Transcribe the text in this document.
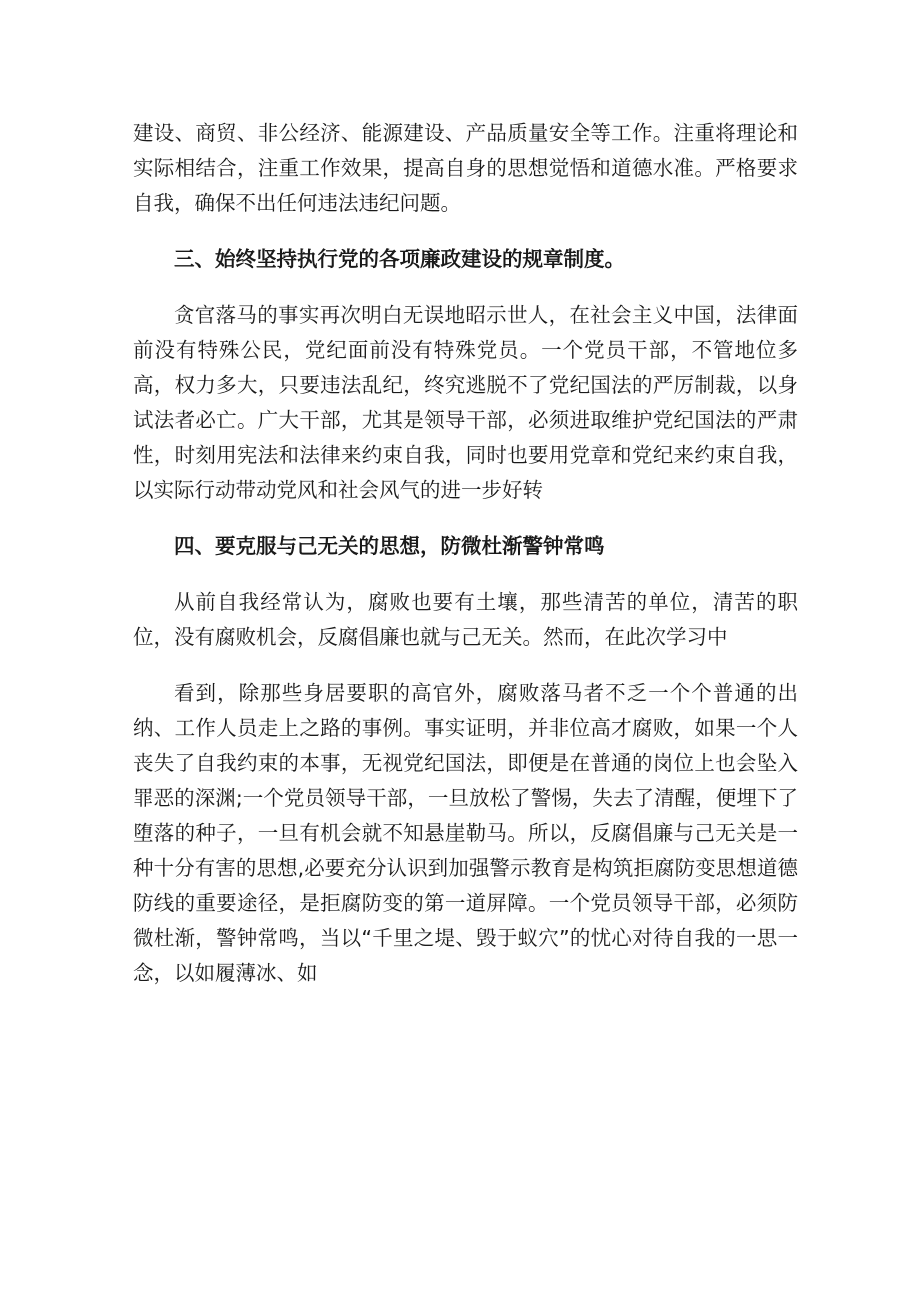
建设、商贸、非公经济、能源建设、产品质量安全等工作。注重将理论和实际相结合，注重工作效果，提高自身的思想觉悟和道德水准。严格要求自我，确保不出任何违法违纪问题。

三、始终坚持执行党的各项廉政建设的规章制度。

贪官落马的事实再次明白无误地昭示世人，在社会主义中国，法律面前没有特殊公民，党纪面前没有特殊党员。一个党员干部，不管地位多高，权力多大，只要违法乱纪，终究逃脱不了党纪国法的严厉制裁，以身试法者必亡。广大干部，尤其是领导干部，必须进取维护党纪国法的严肃性，时刻用宪法和法律来约束自我，同时也要用党章和党纪来约束自我，以实际行动带动党风和社会风气的进一步好转

四、要克服与己无关的思想，防微杜渐警钟常鸣

从前自我经常认为，腐败也要有土壤，那些清苦的单位，清苦的职位，没有腐败机会，反腐倡廉也就与己无关。然而，在此次学习中

看到，除那些身居要职的高官外，腐败落马者不乏一个个普通的出纳、工作人员走上之路的事例。事实证明，并非位高才腐败，如果一个人丧失了自我约束的本事，无视党纪国法，即便是在普通的岗位上也会坠入罪恶的深渊;一个党员领导干部，一旦放松了警惕，失去了清醒，便埋下了堕落的种子，一旦有机会就不知悬崖勒马。所以，反腐倡廉与己无关是一种十分有害的思想,必要充分认识到加强警示教育是构筑拒腐防变思想道德防线的重要途径，是拒腐防变的第一道屏障。一个党员领导干部，必须防微杜渐，警钟常鸣，当以“千里之堤、毁于蚁穴”的忧心对待自我的一思一念，以如履薄冰、如
